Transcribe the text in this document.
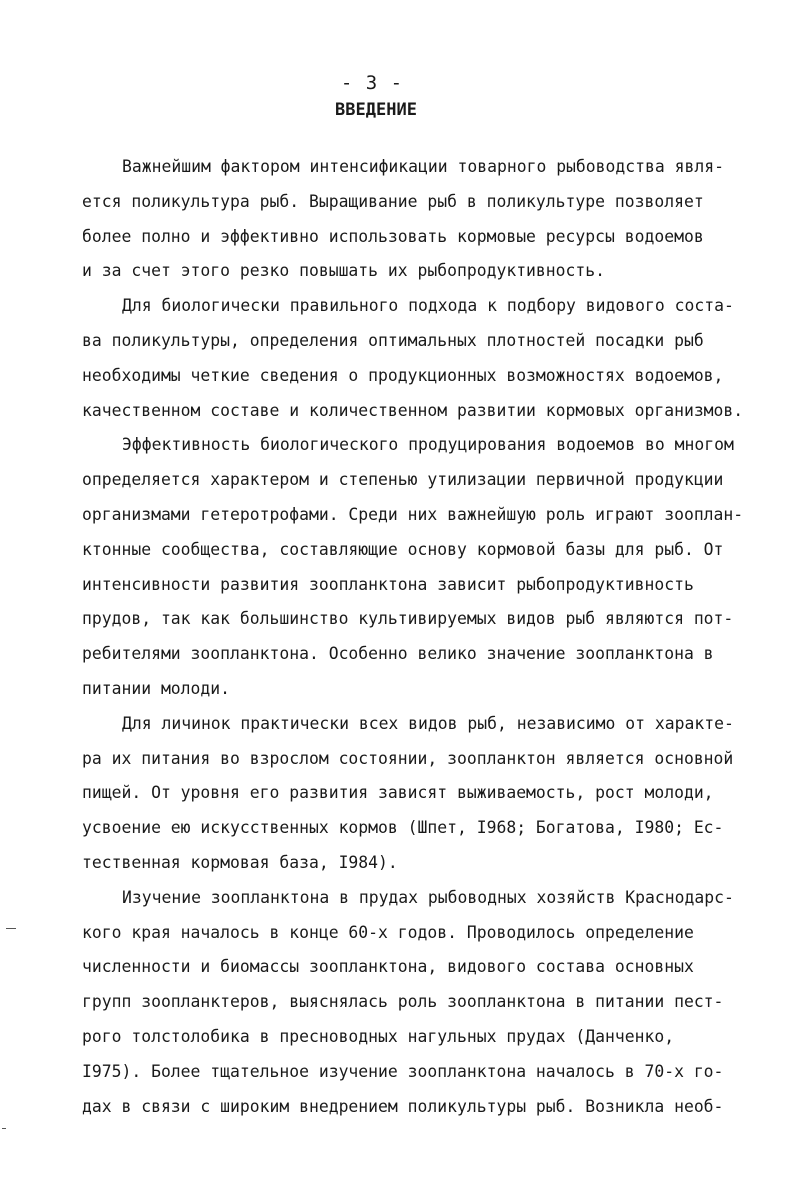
- 3 -
ВВЕДЕНИЕ
Важнейшим фактором интенсификации товарного рыбоводства явля-
ется поликультура рыб. Выращивание рыб в поликультуре позволяет
более полно и эффективно использовать кормовые ресурсы водоемов
и за счет этого резко повышать их рыбопродуктивность.
Для биологически правильного подхода к подбору видового соста-
ва поликультуры, определения оптимальных плотностей посадки рыб
необходимы четкие сведения о продукционных возможностях водоемов,
качественном составе и количественном развитии кормовых организмов.
Эффективность биологического продуцирования водоемов во многом
определяется характером и степенью утилизации первичной продукции
организмами гетеротрофами. Среди них важнейшую роль играют зоoплан-
ктонные сообщества, составляющие основу кормовой базы для рыб. От
интенсивности развития зоопланктона зависит рыбопродуктивность
прудов, так как большинство культивируемых видов рыб являются пот-
ребителями зоопланктона. Особенно велико значение зоопланктона в
питании молоди.
Для личинок практически всех видов рыб, независимо от характе-
ра их питания во взрослом состоянии, зоопланктон является основной
пищей. От уровня его развития зависят выживаемость, рост молоди,
усвоение ею искусственных кормов (Шпет, I968; Богатова, I980; Ес-
тественная кормовая база, I984).
Изучение зоопланктона в прудах рыбоводных хозяйств Краснодарс-
кого края началось в конце 60-х годов. Проводилось определение
численности и биомассы зоопланктона, видового состава основных
групп зоопланктеров, выяснялась роль зоопланктона в питании пест-
рого толстолобика в пресноводных нагульных прудах (Данченко,
I975). Более тщательное изучение зоопланктона началось в 70-х го-
дах в связи с широким внедрением поликультуры рыб. Возникла необ-
